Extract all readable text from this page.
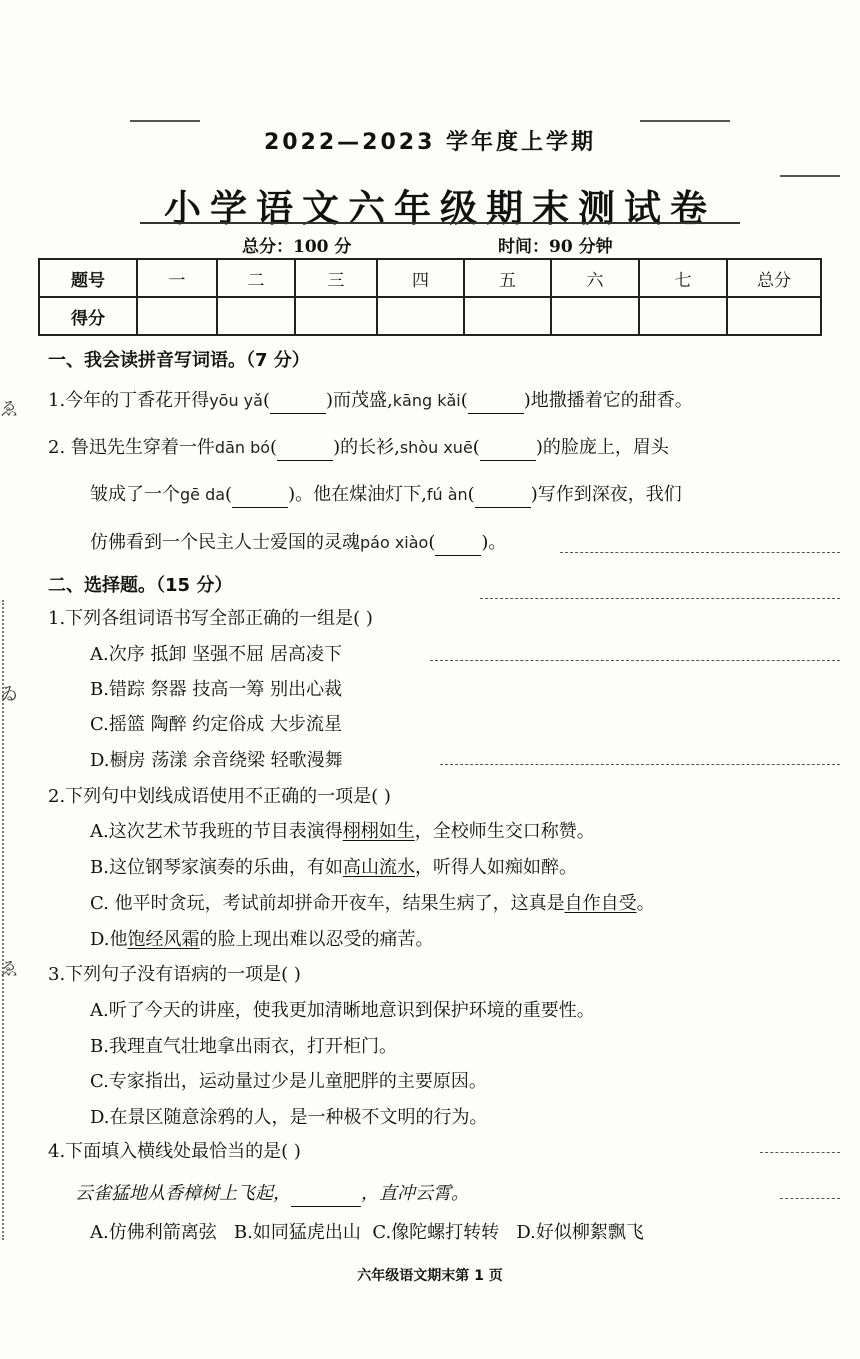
ゑ
ゐ
ゑ
2022—2023 学年度上学期
小学语文六年级期末测试卷
总分：100 分	时间：90 分钟
题号	一	二	三	四	五	六	七	总分
得分								
一、我会读拼音写词语。（7 分）
1.今年的丁香花开得yōu yǎ(	)而茂盛,kāng kǎi(	)地撒播着它的甜香。
2. 鲁迅先生穿着一件dān bó(	)的长衫,shòu xuē(	)的脸庞上，眉头
皱成了一个gē da(	)。他在煤油灯下,fú àn(	)写作到深夜，我们
仿佛看到一个民主人士爱国的灵魂páo xiào(	)。
二、选择题。（15 分）
1.下列各组词语书写全部正确的一组是( )
A.次序 抵卸 坚强不屈 居高凌下
B.错踪 祭器 技高一筹 别出心裁
C.摇篮 陶醉 约定俗成 大步流星
D.橱房 荡漾 余音绕梁 轻歌漫舞
2.下列句中划线成语使用不正确的一项是( )
A.这次艺术节我班的节目表演得栩栩如生，全校师生交口称赞。
B.这位钢琴家演奏的乐曲，有如高山流水，听得人如痴如醉。
C. 他平时贪玩，考试前却拼命开夜车，结果生病了，这真是自作自受。
D.他饱经风霜的脸上现出难以忍受的痛苦。
3.下列句子没有语病的一项是( )
A.听了今天的讲座，使我更加清晰地意识到保护环境的重要性。
B.我理直气壮地拿出雨衣，打开柜门。
C.专家指出，运动量过少是儿童肥胖的主要原因。
D.在景区随意涂鸦的人，是一种极不文明的行为。
4.下面填入横线处最恰当的是( )
云雀猛地从香樟树上飞起，	，直冲云霄。
A.仿佛利箭离弦 B.如同猛虎出山 C.像陀螺打转转 D.好似柳絮飘飞
六年级语文期末第 1 页
